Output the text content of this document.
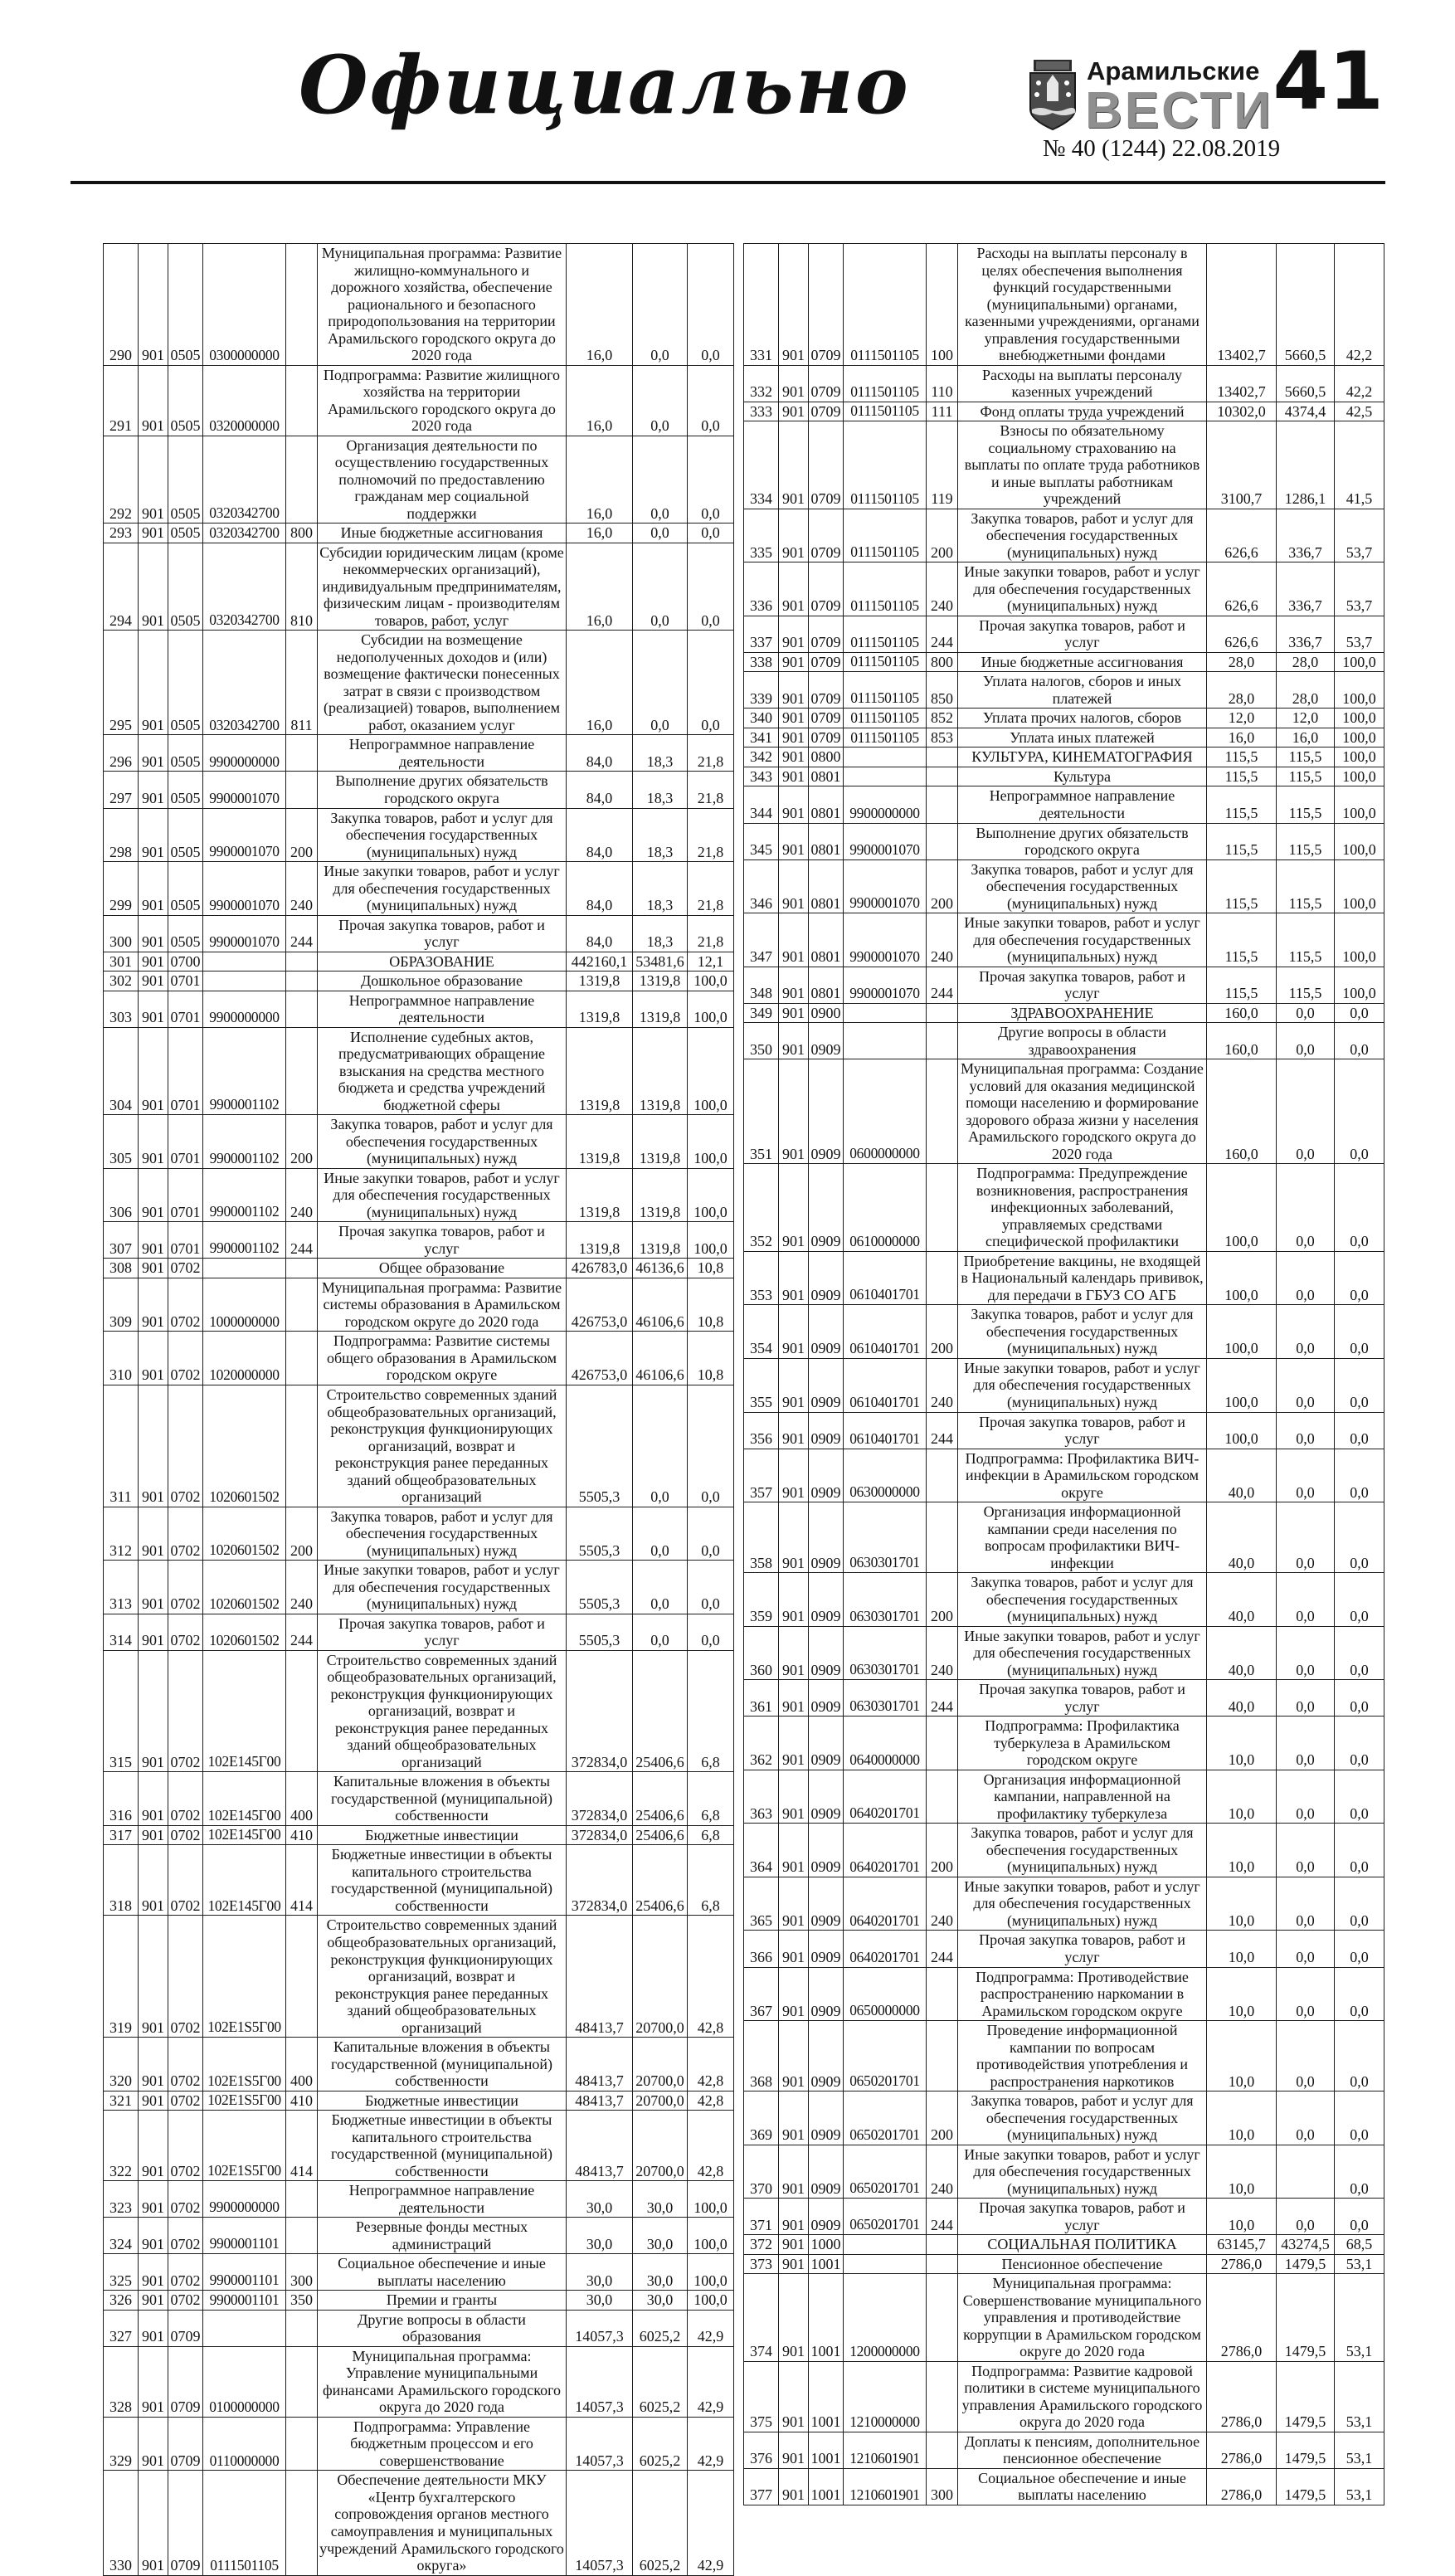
Официально	Арамильские
ВЕСТИ 41
№ 40 (1244) 22.08.2019
290	901	0505	0300000000		Муниципальная программа: Развитие жилищно-коммунального и дорожного хозяйства, обеспечение рационального и безопасного природопользования на территории Арамильского городского округа до 2020 года	16,0	0,0	0,0
291	901	0505	0320000000		Подпрограмма: Развитие жилищного хозяйства на территории Арамильского городского округа до 2020 года	16,0	0,0	0,0
292	901	0505	0320342700		Организация деятельности по осуществлению государственных полномочий по предоставлению гражданам мер социальной поддержки	16,0	0,0	0,0
293	901	0505	0320342700	800	Иные бюджетные ассигнования	16,0	0,0	0,0
294	901	0505	0320342700	810	Субсидии юридическим лицам (кроме некоммерческих организаций), индивидуальным предпринимателям, физическим лицам - производителям товаров, работ, услуг	16,0	0,0	0,0
295	901	0505	0320342700	811	Субсидии на возмещение недополученных доходов и (или) возмещение фактически понесенных затрат в связи с производством (реализацией) товаров, выполнением работ, оказанием услуг	16,0	0,0	0,0
296	901	0505	9900000000		Непрограммное направление деятельности	84,0	18,3	21,8
297	901	0505	9900001070		Выполнение других обязательств городского округа	84,0	18,3	21,8
298	901	0505	9900001070	200	Закупка товаров, работ и услуг для обеспечения государственных (муниципальных) нужд	84,0	18,3	21,8
299	901	0505	9900001070	240	Иные закупки товаров, работ и услуг для обеспечения государственных (муниципальных) нужд	84,0	18,3	21,8
300	901	0505	9900001070	244	Прочая закупка товаров, работ и услуг	84,0	18,3	21,8
301	901	0700			ОБРАЗОВАНИЕ	442160,1	53481,6	12,1
302	901	0701			Дошкольное образование	1319,8	1319,8	100,0
303	901	0701	9900000000		Непрограммное направление деятельности	1319,8	1319,8	100,0
304	901	0701	9900001102		Исполнение судебных актов, предусматривающих обращение взыскания на средства местного бюджета и средства учреждений бюджетной сферы	1319,8	1319,8	100,0
305	901	0701	9900001102	200	Закупка товаров, работ и услуг для обеспечения государственных (муниципальных) нужд	1319,8	1319,8	100,0
306	901	0701	9900001102	240	Иные закупки товаров, работ и услуг для обеспечения государственных (муниципальных) нужд	1319,8	1319,8	100,0
307	901	0701	9900001102	244	Прочая закупка товаров, работ и услуг	1319,8	1319,8	100,0
308	901	0702			Общее образование	426783,0	46136,6	10,8
309	901	0702	1000000000		Муниципальная программа: Развитие системы образования в Арамильском городском округе до 2020 года	426753,0	46106,6	10,8
310	901	0702	1020000000		Подпрограмма: Развитие системы общего образования в Арамильском городском округе	426753,0	46106,6	10,8
311	901	0702	1020601502		Строительство современных зданий общеобразовательных организаций, реконструкция функционирующих организаций, возврат и реконструкция ранее переданных зданий общеобразовательных организаций	5505,3	0,0	0,0
312	901	0702	1020601502	200	Закупка товаров, работ и услуг для обеспечения государственных (муниципальных) нужд	5505,3	0,0	0,0
313	901	0702	1020601502	240	Иные закупки товаров, работ и услуг для обеспечения государственных (муниципальных) нужд	5505,3	0,0	0,0
314	901	0702	1020601502	244	Прочая закупка товаров, работ и услуг	5505,3	0,0	0,0
315	901	0702	102E145Г00		Строительство современных зданий общеобразовательных организаций, реконструкция функционирующих организаций, возврат и реконструкция ранее переданных зданий общеобразовательных организаций	372834,0	25406,6	6,8
316	901	0702	102E145Г00	400	Капитальные вложения в объекты государственной (муниципальной) собственности	372834,0	25406,6	6,8
317	901	0702	102E145Г00	410	Бюджетные инвестиции	372834,0	25406,6	6,8
318	901	0702	102E145Г00	414	Бюджетные инвестиции в объекты капитального строительства государственной (муниципальной) собственности	372834,0	25406,6	6,8
319	901	0702	102E1S5Г00		Строительство современных зданий общеобразовательных организаций, реконструкция функционирующих организаций, возврат и реконструкция ранее переданных зданий общеобразовательных организаций	48413,7	20700,0	42,8
320	901	0702	102E1S5Г00	400	Капитальные вложения в объекты государственной (муниципальной) собственности	48413,7	20700,0	42,8
321	901	0702	102E1S5Г00	410	Бюджетные инвестиции	48413,7	20700,0	42,8
322	901	0702	102E1S5Г00	414	Бюджетные инвестиции в объекты капитального строительства государственной (муниципальной) собственности	48413,7	20700,0	42,8
323	901	0702	9900000000		Непрограммное направление деятельности	30,0	30,0	100,0
324	901	0702	9900001101		Резервные фонды местных администраций	30,0	30,0	100,0
325	901	0702	9900001101	300	Социальное обеспечение и иные выплаты населению	30,0	30,0	100,0
326	901	0702	9900001101	350	Премии и гранты	30,0	30,0	100,0
327	901	0709			Другие вопросы в области образования	14057,3	6025,2	42,9
328	901	0709	0100000000		Муниципальная программа: Управление муниципальными финансами Арамильского городского округа до 2020 года	14057,3	6025,2	42,9
329	901	0709	0110000000		Подпрограмма: Управление бюджетным процессом и его совершенствование	14057,3	6025,2	42,9
330	901	0709	0111501105		Обеспечение деятельности МКУ «Центр бухгалтерского сопровождения органов местного самоуправления и муниципальных учреждений Арамильского городского округа»	14057,3	6025,2	42,9
331	901	0709	0111501105	100	Расходы на выплаты персоналу в целях обеспечения выполнения функций государственными (муниципальными) органами, казенными учреждениями, органами управления государственными внебюджетными фондами	13402,7	5660,5	42,2
332	901	0709	0111501105	110	Расходы на выплаты персоналу казенных учреждений	13402,7	5660,5	42,2
333	901	0709	0111501105	111	Фонд оплаты труда учреждений	10302,0	4374,4	42,5
334	901	0709	0111501105	119	Взносы по обязательному социальному страхованию на выплаты по оплате труда работников и иные выплаты работникам учреждений	3100,7	1286,1	41,5
335	901	0709	0111501105	200	Закупка товаров, работ и услуг для обеспечения государственных (муниципальных) нужд	626,6	336,7	53,7
336	901	0709	0111501105	240	Иные закупки товаров, работ и услуг для обеспечения государственных (муниципальных) нужд	626,6	336,7	53,7
337	901	0709	0111501105	244	Прочая закупка товаров, работ и услуг	626,6	336,7	53,7
338	901	0709	0111501105	800	Иные бюджетные ассигнования	28,0	28,0	100,0
339	901	0709	0111501105	850	Уплата налогов, сборов и иных платежей	28,0	28,0	100,0
340	901	0709	0111501105	852	Уплата прочих налогов, сборов	12,0	12,0	100,0
341	901	0709	0111501105	853	Уплата иных платежей	16,0	16,0	100,0
342	901	0800			КУЛЬТУРА, КИНЕМАТОГРАФИЯ	115,5	115,5	100,0
343	901	0801			Культура	115,5	115,5	100,0
344	901	0801	9900000000		Непрограммное направление деятельности	115,5	115,5	100,0
345	901	0801	9900001070		Выполнение других обязательств городского округа	115,5	115,5	100,0
346	901	0801	9900001070	200	Закупка товаров, работ и услуг для обеспечения государственных (муниципальных) нужд	115,5	115,5	100,0
347	901	0801	9900001070	240	Иные закупки товаров, работ и услуг для обеспечения государственных (муниципальных) нужд	115,5	115,5	100,0
348	901	0801	9900001070	244	Прочая закупка товаров, работ и услуг	115,5	115,5	100,0
349	901	0900			ЗДРАВООХРАНЕНИЕ	160,0	0,0	0,0
350	901	0909			Другие вопросы в области здравоохранения	160,0	0,0	0,0
351	901	0909	0600000000		Муниципальная программа: Создание условий для оказания медицинской помощи населению и формирование здорового образа жизни у населения Арамильского городского округа до 2020 года	160,0	0,0	0,0
352	901	0909	0610000000		Подпрограмма: Предупреждение возникновения, распространения инфекционных заболеваний, управляемых средствами специфической профилактики	100,0	0,0	0,0
353	901	0909	0610401701		Приобретение вакцины, не входящей в Национальный календарь прививок, для передачи в ГБУЗ СО АГБ	100,0	0,0	0,0
354	901	0909	0610401701	200	Закупка товаров, работ и услуг для обеспечения государственных (муниципальных) нужд	100,0	0,0	0,0
355	901	0909	0610401701	240	Иные закупки товаров, работ и услуг для обеспечения государственных (муниципальных) нужд	100,0	0,0	0,0
356	901	0909	0610401701	244	Прочая закупка товаров, работ и услуг	100,0	0,0	0,0
357	901	0909	0630000000		Подпрограмма: Профилактика ВИЧ-инфекции в Арамильском городском округе	40,0	0,0	0,0
358	901	0909	0630301701		Организация информационной кампании среди населения по вопросам профилактики ВИЧ-инфекции	40,0	0,0	0,0
359	901	0909	0630301701	200	Закупка товаров, работ и услуг для обеспечения государственных (муниципальных) нужд	40,0	0,0	0,0
360	901	0909	0630301701	240	Иные закупки товаров, работ и услуг для обеспечения государственных (муниципальных) нужд	40,0	0,0	0,0
361	901	0909	0630301701	244	Прочая закупка товаров, работ и услуг	40,0	0,0	0,0
362	901	0909	0640000000		Подпрограмма: Профилактика туберкулеза в Арамильском городском округе	10,0	0,0	0,0
363	901	0909	0640201701		Организация информационной кампании, направленной на профилактику туберкулеза	10,0	0,0	0,0
364	901	0909	0640201701	200	Закупка товаров, работ и услуг для обеспечения государственных (муниципальных) нужд	10,0	0,0	0,0
365	901	0909	0640201701	240	Иные закупки товаров, работ и услуг для обеспечения государственных (муниципальных) нужд	10,0	0,0	0,0
366	901	0909	0640201701	244	Прочая закупка товаров, работ и услуг	10,0	0,0	0,0
367	901	0909	0650000000		Подпрограмма: Противодействие распространению наркомании в Арамильском городском округе	10,0	0,0	0,0
368	901	0909	0650201701		Проведение информационной кампании по вопросам противодействия употребления и распространения наркотиков	10,0	0,0	0,0
369	901	0909	0650201701	200	Закупка товаров, работ и услуг для обеспечения государственных (муниципальных) нужд	10,0	0,0	0,0
370	901	0909	0650201701	240	Иные закупки товаров, работ и услуг для обеспечения государственных (муниципальных) нужд	10,0		0,0
371	901	0909	0650201701	244	Прочая закупка товаров, работ и услуг	10,0	0,0	0,0
372	901	1000			СОЦИАЛЬНАЯ ПОЛИТИКА	63145,7	43274,5	68,5
373	901	1001			Пенсионное обеспечение	2786,0	1479,5	53,1
374	901	1001	1200000000		Муниципальная программа: Совершенствование муниципального управления и противодействие коррупции в Арамильском городском округе до 2020 года	2786,0	1479,5	53,1
375	901	1001	1210000000		Подпрограмма: Развитие кадровой политики в системе муниципального управления Арамильского городского округа до 2020 года	2786,0	1479,5	53,1
376	901	1001	1210601901		Доплаты к пенсиям, дополнительное пенсионное обеспечение	2786,0	1479,5	53,1
377	901	1001	1210601901	300	Социальное обеспечение и иные выплаты населению	2786,0	1479,5	53,1
